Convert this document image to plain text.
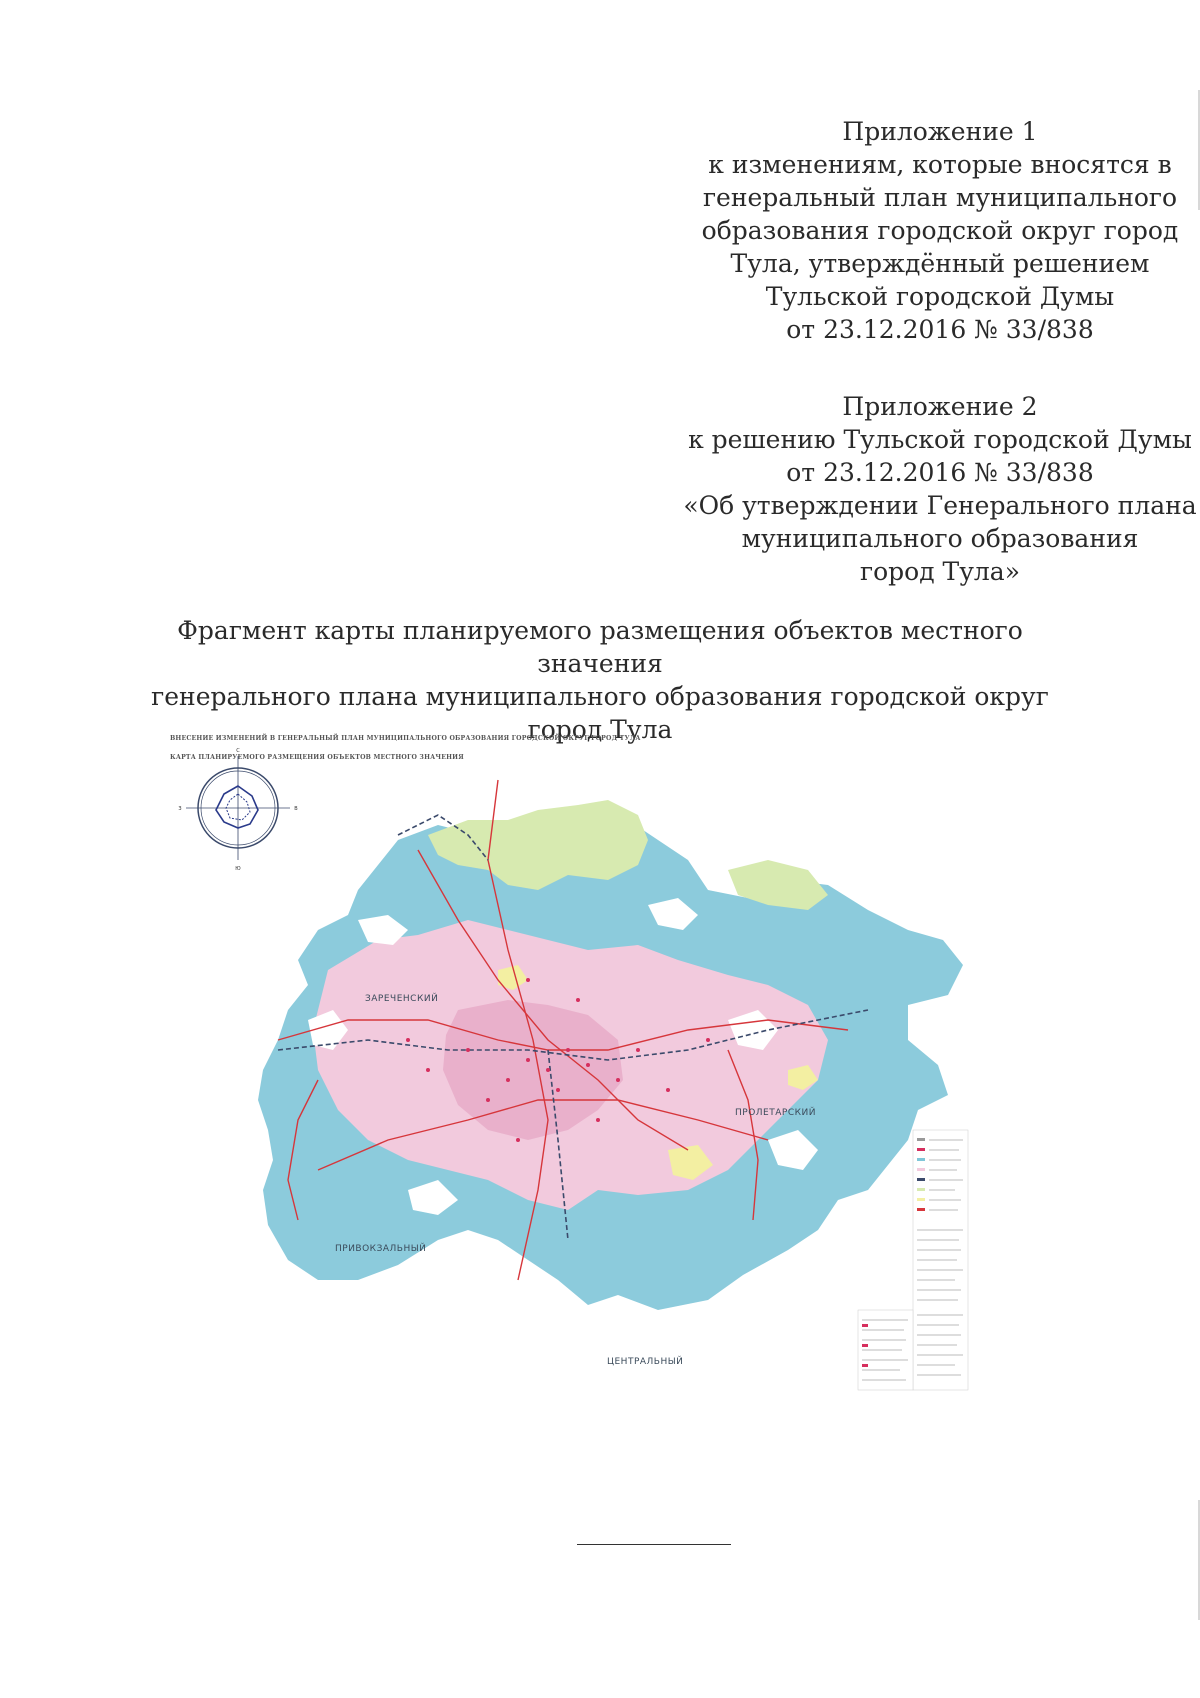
Приложение 1
к изменениям, которые вносятся в
генеральный план муниципального
образования городской округ город
Тула, утверждённый решением
Тульской городской Думы
от 23.12.2016 № 33/838
Приложение 2
к решению Тульской городской Думы
от 23.12.2016 № 33/838
«Об утверждении Генерального плана
муниципального образования
город Тула»
Фрагмент карты планируемого размещения объектов местного значения
генерального плана муниципального образования городской округ город Тула
ВНЕСЕНИЕ ИЗМЕНЕНИЙ В ГЕНЕРАЛЬНЫЙ ПЛАН МУНИЦИПАЛЬНОГО ОБРАЗОВАНИЯ ГОРОДСКОЙ ОКРУГ ГОРОД ТУЛА
КАРТА ПЛАНИРУЕМОГО РАЗМЕЩЕНИЯ ОБЪЕКТОВ МЕСТНОГО ЗНАЧЕНИЯ
С
Ю
З	В
ЗАРЕЧЕНСКИЙ
ПРОЛЕТАРСКИЙ
ПРИВОКЗАЛЬНЫЙ
ЦЕНТРАЛЬНЫЙ
